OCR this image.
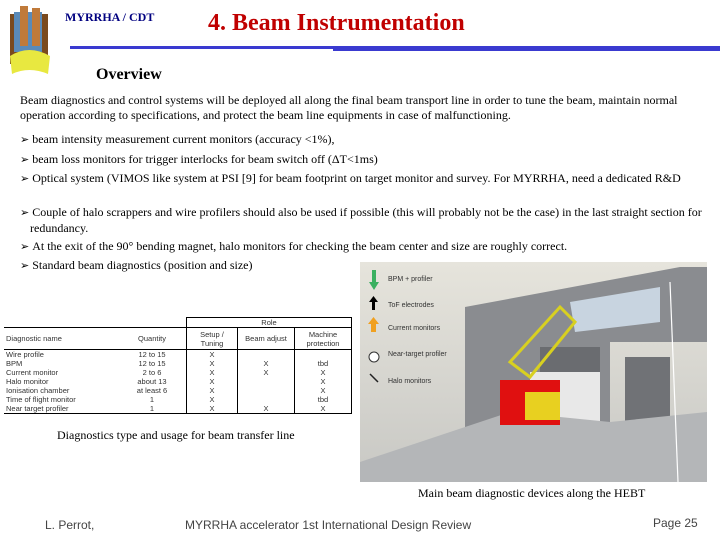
MYRRHA / CDT 4. Beam Instrumentation
Overview
Beam diagnostics and control systems will be deployed all along the final beam transport line in order to tune the beam, maintain normal operation according to specifications, and protect the beam line equipments in case of malfunctioning.
➢ beam intensity measurement current monitors (accuracy <1%),
➢ beam loss monitors for trigger interlocks for beam switch off (ΔT<1ms)
➢ Optical system (VIMOS like system at PSI [9] for beam footprint on target monitor and survey. For MYRRHA, need a dedicated R&D
➢ Couple of halo scrappers and wire profilers should also be used if possible (this will probably not be the case) in the last straight section for redundancy.
➢ At the exit of the 90° bending magnet, halo monitors for checking the beam center and size are roughly correct.
➢ Standard beam diagnostics (position and size)
		Role		
Diagnostic name	Quantity	Setup / Tuning	Beam adjust	Machine protection
Wire profile	12 to 15	X		
BPM	12 to 15	X	X	tbd
Current monitor	2 to 6	X	X	X
Halo monitor	about 13	X		X
Ionisation chamber	at least 6	X		X
Time of flight monitor	1	X		tbd
Near target profiler	1	X	X	X
Diagnostics type and usage for beam transfer line
BPM + profiler
ToF electrodes
Current monitors
Near-target profiler
Halo monitors
Main beam diagnostic devices along the HEBT
L. Perrot,	MYRRHA accelerator 1st International Design Review	Page 25
